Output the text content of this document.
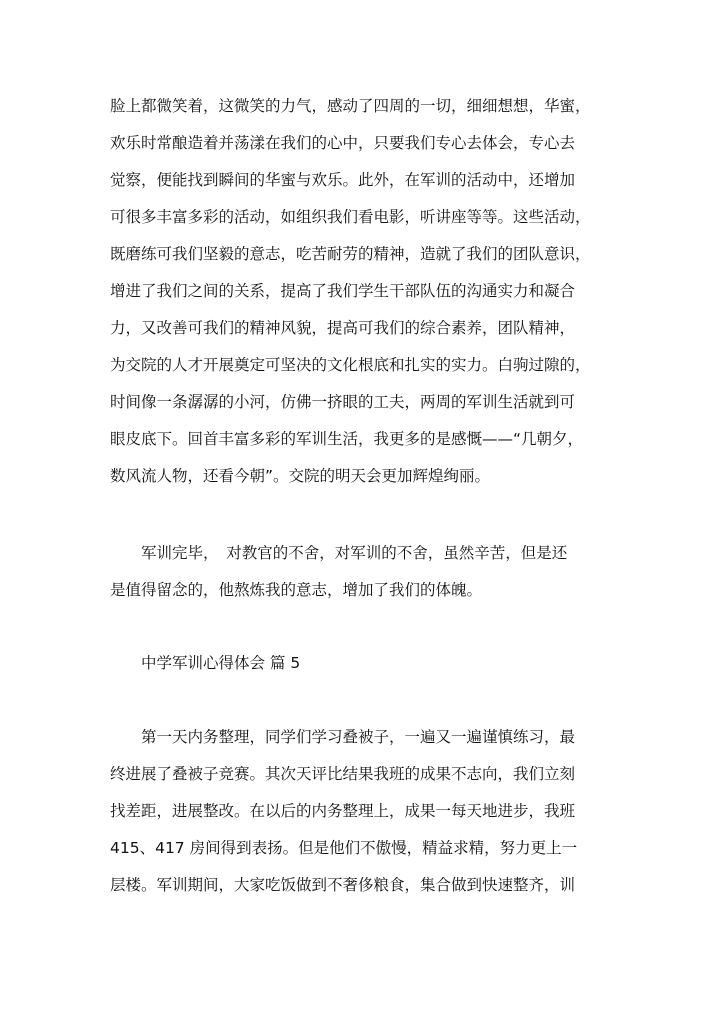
脸上都微笑着，这微笑的力气，感动了四周的一切，细细想想，华蜜，
欢乐时常酿造着并荡漾在我们的心中，只要我们专心去体会，专心去
觉察，便能找到瞬间的华蜜与欢乐。此外，在军训的活动中，还增加
可很多丰富多彩的活动，如组织我们看电影，听讲座等等。这些活动，
既磨练可我们坚毅的意志，吃苦耐劳的精神，造就了我们的团队意识，
增进了我们之间的关系，提高了我们学生干部队伍的沟通实力和凝合
力，又改善可我们的精神风貌，提高可我们的综合素养，团队精神，
为交院的人才开展奠定可坚决的文化根底和扎实的实力。白驹过隙的，
时间像一条潺潺的小河，仿佛一挤眼的工夫，两周的军训生活就到可
眼皮底下。回首丰富多彩的军训生活，我更多的是感慨——“几朝夕，
数风流人物，还看今朝”。交院的明天会更加辉煌绚丽。
　　军训完毕，　对教官的不舍，对军训的不舍，虽然辛苦，但是还
是值得留念的，他熬炼我的意志，增加了我们的体魄。
　　中学军训心得体会 篇 5
　　第一天内务整理，同学们学习叠被子，一遍又一遍谨慎练习，最
终进展了叠被子竞赛。其次天评比结果我班的成果不志向，我们立刻
找差距，进展整改。在以后的内务整理上，成果一每天地进步，我班
415、417 房间得到表扬。但是他们不傲慢，精益求精，努力更上一
层楼。军训期间，大家吃饭做到不奢侈粮食，集合做到快速整齐，训
